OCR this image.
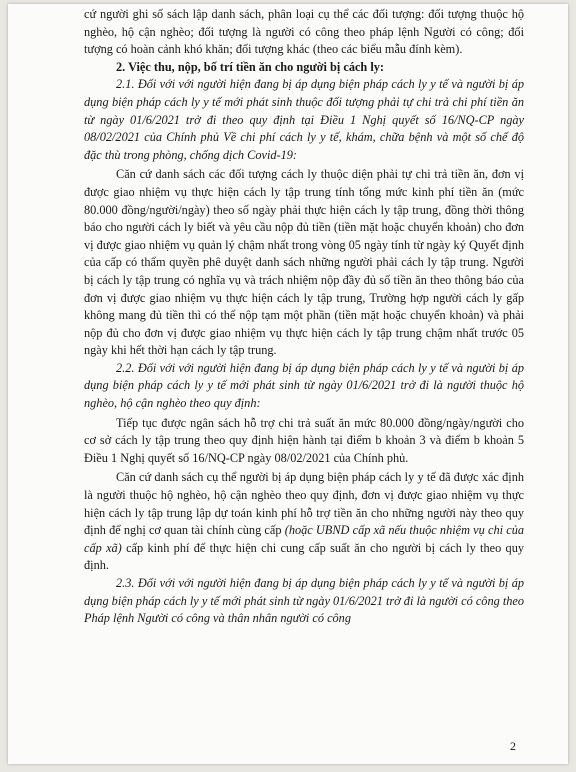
cứ người ghi số sách lập danh sách, phân loại cụ thể các đối tượng: đối tượng thuộc hộ nghèo, hộ cận nghèo; đối tượng là người có công theo pháp lệnh Người có công; đối tượng có hoàn cảnh khó khăn; đối tượng khác (theo các biểu mẫu đính kèm).

2. Việc thu, nộp, bố trí tiền ăn cho người bị cách ly:

2.1. Đối với với người hiện đang bị áp dụng biện pháp cách ly y tế và người bị áp dụng biện pháp cách ly y tế mới phát sinh thuộc đối tượng phải tự chi trả chi phí tiền ăn từ ngày 01/6/2021 trở đi theo quy định tại Điều 1 Nghị quyết số 16/NQ-CP ngày 08/02/2021 của Chính phủ Về chi phí cách ly y tế, khám, chữa bệnh và một số chế độ đặc thù trong phòng, chống dịch Covid-19:

Căn cứ danh sách các đối tượng cách ly thuộc diện phải tự chi trả tiền ăn, đơn vị được giao nhiệm vụ thực hiện cách ly tập trung tính tổng mức kinh phí tiền ăn (mức 80.000 đồng/người/ngày) theo số ngày phải thực hiện cách ly tập trung, đồng thời thông báo cho người cách ly biết và yêu cầu nộp đủ tiền (tiền mặt hoặc chuyển khoản) cho đơn vị được giao nhiệm vụ quản lý chậm nhất trong vòng 05 ngày tính từ ngày ký Quyết định của cấp có thẩm quyền phê duyệt danh sách những người phải cách ly tập trung. Người bị cách ly tập trung có nghĩa vụ và trách nhiệm nộp đầy đủ số tiền ăn theo thông báo của đơn vị được giao nhiệm vụ thực hiện cách ly tập trung, Trường hợp người cách ly gấp không mang đủ tiền thì có thể nộp tạm một phần (tiền mặt hoặc chuyển khoản) và phải nộp đủ cho đơn vị được giao nhiệm vụ thực hiện cách ly tập trung chậm nhất trước 05 ngày khi hết thời hạn cách ly tập trung.

2.2. Đối với với người hiện đang bị áp dụng biện pháp cách ly y tế và người bị áp dụng biện pháp cách ly y tế mới phát sinh từ ngày 01/6/2021 trở đi là người thuộc hộ nghèo, hộ cận nghèo theo quy định:

Tiếp tục được ngân sách hỗ trợ chi trả suất ăn mức 80.000 đồng/ngày/người cho cơ sở cách ly tập trung theo quy định hiện hành tại điểm b khoản 3 và điểm b khoản 5 Điều 1 Nghị quyết số 16/NQ-CP ngày 08/02/2021 của Chính phủ.

Căn cứ danh sách cụ thể người bị áp dụng biện pháp cách ly y tế đã được xác định là người thuộc hộ nghèo, hộ cận nghèo theo quy định, đơn vị được giao nhiệm vụ thực hiện cách ly tập trung lập dự toán kinh phí hỗ trợ tiền ăn cho những người này theo quy định để nghị cơ quan tài chính cùng cấp (hoặc UBND cấp xã nếu thuộc nhiệm vụ chi của cấp xã) cấp kinh phí để thực hiện chi cung cấp suất ăn cho người bị cách ly theo quy định.

2.3. Đối với với người hiện đang bị áp dụng biện pháp cách ly y tế và người bị áp dụng biện pháp cách ly y tế mới phát sinh từ ngày 01/6/2021 trở đi là người có công theo Pháp lệnh Người có công và thân nhân người có công

2
